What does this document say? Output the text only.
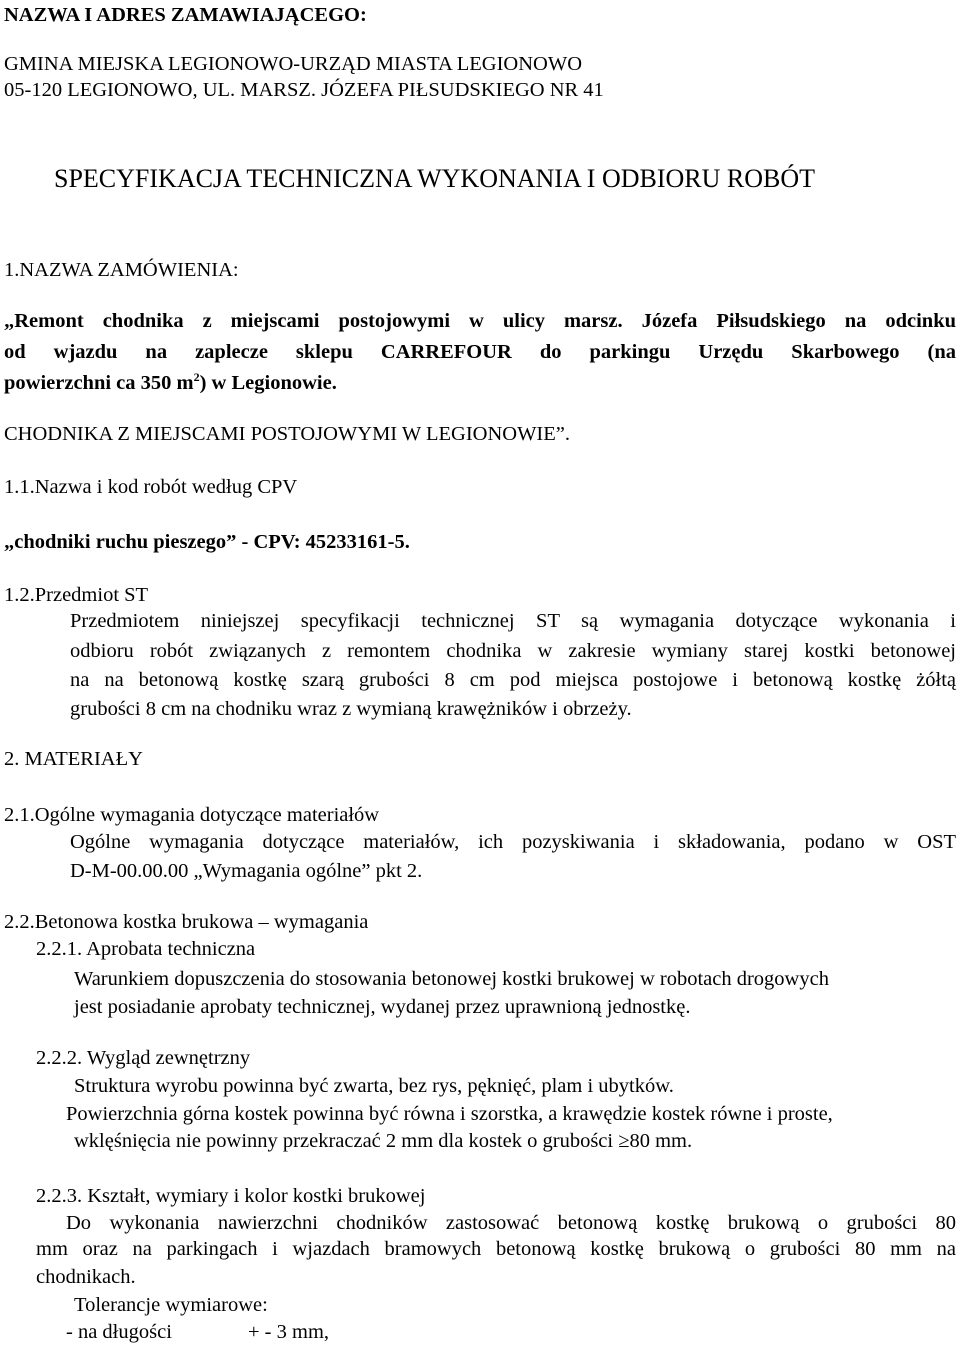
NAZWA I ADRES ZAMAWIAJĄCEGO:
GMINA MIEJSKA LEGIONOWO-URZĄD MIASTA LEGIONOWO
05-120 LEGIONOWO, UL. MARSZ. JÓZEFA PIŁSUDSKIEGO NR 41
SPECYFIKACJA TECHNICZNA WYKONANIA I ODBIORU ROBÓT
1.NAZWA ZAMÓWIENIA:
„Remont chodnika z miejscami postojowymi w ulicy marsz. Józefa Piłsudskiego na odcinku
od wjazdu na zaplecze sklepu CARREFOUR do parkingu Urzędu Skarbowego (na
powierzchni ca 350 $m^2$) w Legionowie.
CHODNIKA Z MIEJSCAMI POSTOJOWYMI W LEGIONOWIE”.
1.1.Nazwa i kod robót według CPV
„chodniki ruchu pieszego” - CPV: 45233161-5.
1.2.Przedmiot ST
Przedmiotem niniejszej specyfikacji technicznej ST są wymagania dotyczące wykonania i
odbioru robót związanych z remontem chodnika w zakresie wymiany starej kostki betonowej
na na betonową kostkę szarą grubości 8 cm pod miejsca postojowe i betonową kostkę żółtą
grubości 8 cm na chodniku wraz z wymianą krawężników i obrzeży.
2. MATERIAŁY
2.1.Ogólne wymagania dotyczące materiałów
Ogólne wymagania dotyczące materiałów, ich pozyskiwania i składowania, podano w OST
D-M-00.00.00 „Wymagania ogólne” pkt 2.
2.2.Betonowa kostka brukowa – wymagania
2.2.1. Aprobata techniczna
Warunkiem dopuszczenia do stosowania betonowej kostki brukowej w robotach drogowych
jest posiadanie aprobaty technicznej, wydanej przez uprawnioną jednostkę.
2.2.2. Wygląd zewnętrzny
Struktura wyrobu powinna być zwarta, bez rys, pęknięć, plam i ubytków.
Powierzchnia górna kostek powinna być równa i szorstka, a krawędzie kostek równe i proste,
wklęśnięcia nie powinny przekraczać 2 mm dla kostek o grubości ≥80 mm.
2.2.3. Kształt, wymiary i kolor kostki brukowej
Do wykonania nawierzchni chodników zastosować betonową kostkę brukową o grubości 80
mm oraz na parkingach i wjazdach bramowych betonową kostkę brukową o grubości 80 mm na
chodnikach.
Tolerancje wymiarowe:
- na długości	+ - 3 mm,
